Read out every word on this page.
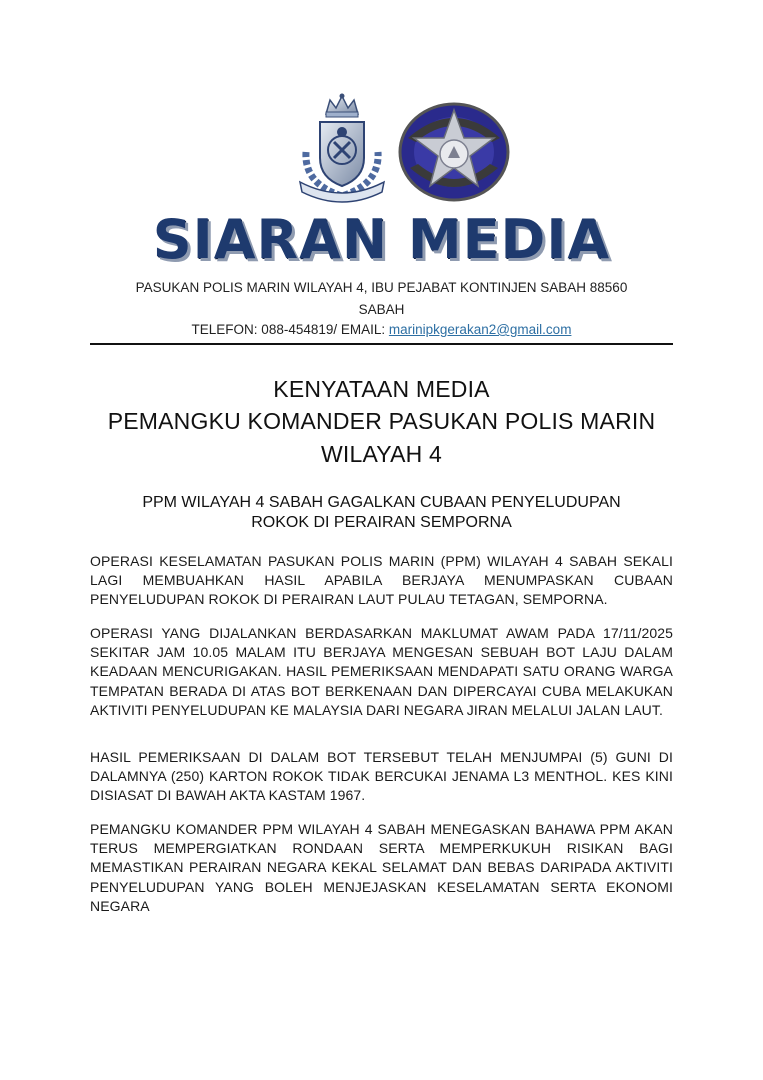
SIARAN MEDIA
PASUKAN POLIS MARIN WILAYAH 4, IBU PEJABAT KONTINJEN SABAH 88560
SABAH
TELEFON: 088-454819/ EMAIL: marinipkgerakan2@gmail.com
KENYATAAN MEDIA
PEMANGKU KOMANDER PASUKAN POLIS MARIN
WILAYAH 4
PPM WILAYAH 4 SABAH GAGALKAN CUBAAN PENYELUDUPAN
ROKOK DI PERAIRAN SEMPORNA
OPERASI KESELAMATAN PASUKAN POLIS MARIN (PPM) WILAYAH 4 SABAH SEKALI LAGI MEMBUAHKAN HASIL APABILA BERJAYA MENUMPASKAN CUBAAN PENYELUDUPAN ROKOK DI PERAIRAN LAUT PULAU TETAGAN, SEMPORNA.
OPERASI YANG DIJALANKAN BERDASARKAN MAKLUMAT AWAM PADA 17/11/2025 SEKITAR JAM 10.05 MALAM ITU BERJAYA MENGESAN SEBUAH BOT LAJU DALAM KEADAAN MENCURIGAKAN. HASIL PEMERIKSAAN MENDAPATI SATU ORANG WARGA TEMPATAN BERADA DI ATAS BOT BERKENAAN DAN DIPERCAYAI CUBA MELAKUKAN AKTIVITI PENYELUDUPAN KE MALAYSIA DARI NEGARA JIRAN MELALUI JALAN LAUT.
HASIL PEMERIKSAAN DI DALAM BOT TERSEBUT TELAH MENJUMPAI (5) GUNI DI DALAMNYA (250) KARTON ROKOK TIDAK BERCUKAI JENAMA L3 MENTHOL. KES KINI DISIASAT DI BAWAH AKTA KASTAM 1967.
PEMANGKU KOMANDER PPM WILAYAH 4 SABAH MENEGASKAN BAHAWA PPM AKAN TERUS MEMPERGIATKAN RONDAAN SERTA MEMPERKUKUH RISIKAN BAGI MEMASTIKAN PERAIRAN NEGARA KEKAL SELAMAT DAN BEBAS DARIPADA AKTIVITI PENYELUDUPAN YANG BOLEH MENJEJASKAN KESELAMATAN SERTA EKONOMI NEGARA
